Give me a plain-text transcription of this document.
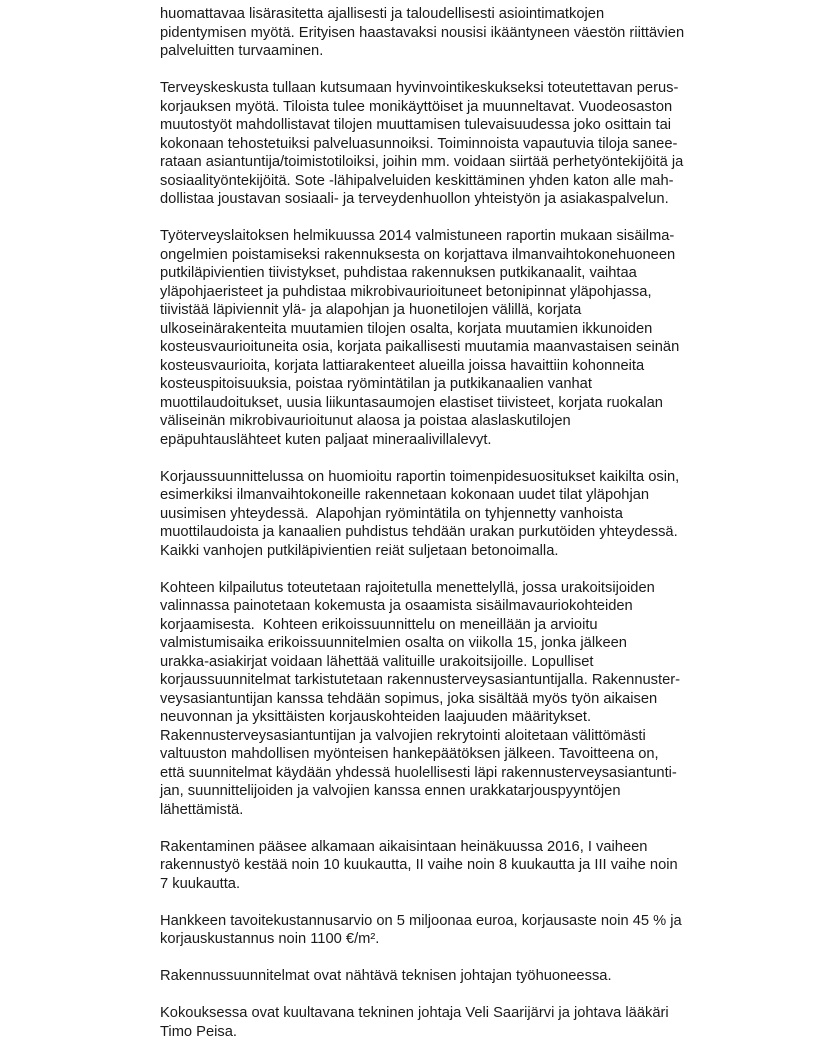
huomattavaa lisärasitetta ajallisesti ja taloudellisesti asiointimatkojen
pidentymisen myötä. Erityisen haastavaksi nousisi ikääntyneen väestön riittävien
palveluitten turvaaminen.
Terveyskeskusta tullaan kutsumaan hyvinvointikeskukseksi toteutettavan perus-
korjauksen myötä. Tiloista tulee monikäyttöiset ja muunneltavat. Vuodeosaston
muutostyöt mahdollistavat tilojen muuttamisen tulevaisuudessa joko osittain tai
kokonaan tehostetuiksi palveluasunnoiksi. Toiminnoista vapautuvia tiloja sanee-
rataan asiantuntija/toimistotiloiksi, joihin mm. voidaan siirtää perhetyöntekijöitä ja
sosiaalityöntekijöitä. Sote -lähipalveluiden keskittäminen yhden katon alle mah-
dollistaa joustavan sosiaali- ja terveydenhuollon yhteistyön ja asiakaspalvelun.
Työterveyslaitoksen helmikuussa 2014 valmistuneen raportin mukaan sisäilma-
ongelmien poistamiseksi rakennuksesta on korjattava ilmanvaihtokonehuoneen
putkiläpivientien tiivistykset, puhdistaa rakennuksen putkikanaalit, vaihtaa
yläpohjaeristeet ja puhdistaa mikrobivaurioituneet betonipinnat yläpohjassa,
tiivistää läpiviennit ylä- ja alapohjan ja huonetilojen välillä, korjata
ulkoseinärakenteita muutamien tilojen osalta, korjata muutamien ikkunoiden
kosteusvaurioituneita osia, korjata paikallisesti muutamia maanvastaisen seinän
kosteusvaurioita, korjata lattiarakenteet alueilla joissa havaittiin kohonneita
kosteuspitoisuuksia, poistaa ryömintätilan ja putkikanaalien vanhat
muottilaudoitukset, uusia liikuntasaumojen elastiset tiivisteet, korjata ruokalan
väliseinän mikrobivaurioitunut alaosa ja poistaa alaslaskutilojen
epäpuhtauslähteet kuten paljaat mineraalivillalevyt.
Korjaussuunnittelussa on huomioitu raportin toimenpidesuositukset kaikilta osin,
esimerkiksi ilmanvaihtokoneille rakennetaan kokonaan uudet tilat yläpohjan
uusimisen yhteydessä.  Alapohjan ryömintätila on tyhjennetty vanhoista
muottilaudoista ja kanaalien puhdistus tehdään urakan purkutöiden yhteydessä.
Kaikki vanhojen putkiläpivientien reiät suljetaan betonoimalla.
Kohteen kilpailutus toteutetaan rajoitetulla menettelyllä, jossa urakoitsijoiden
valinnassa painotetaan kokemusta ja osaamista sisäilmavauriokohteiden
korjaamisesta.  Kohteen erikoissuunnittelu on meneillään ja arvioitu
valmistumisaika erikoissuunnitelmien osalta on viikolla 15, jonka jälkeen
urakka-asiakirjat voidaan lähettää valituille urakoitsijoille. Lopulliset
korjaussuunnitelmat tarkistutetaan rakennusterveysasiantuntijalla. Rakennuster-
veysasiantuntijan kanssa tehdään sopimus, joka sisältää myös työn aikaisen
neuvonnan ja yksittäisten korjauskohteiden laajuuden määritykset.
Rakennusterveysasiantuntijan ja valvojien rekrytointi aloitetaan välittömästi
valtuuston mahdollisen myönteisen hankepäätöksen jälkeen. Tavoitteena on,
että suunnitelmat käydään yhdessä huolellisesti läpi rakennusterveysasiantunti-
jan, suunnittelijoiden ja valvojien kanssa ennen urakkatarjouspyyntöjen
lähettämistä.
Rakentaminen pääsee alkamaan aikaisintaan heinäkuussa 2016, I vaiheen
rakennustyö kestää noin 10 kuukautta, II vaihe noin 8 kuukautta ja III vaihe noin
7 kuukautta.
Hankkeen tavoitekustannusarvio on 5 miljoonaa euroa, korjausaste noin 45 % ja
korjauskustannus noin 1100 €/m².
Rakennussuunnitelmat ovat nähtävä teknisen johtajan työhuoneessa.
Kokouksessa ovat kuultavana tekninen johtaja Veli Saarijärvi ja johtava lääkäri
Timo Peisa.
